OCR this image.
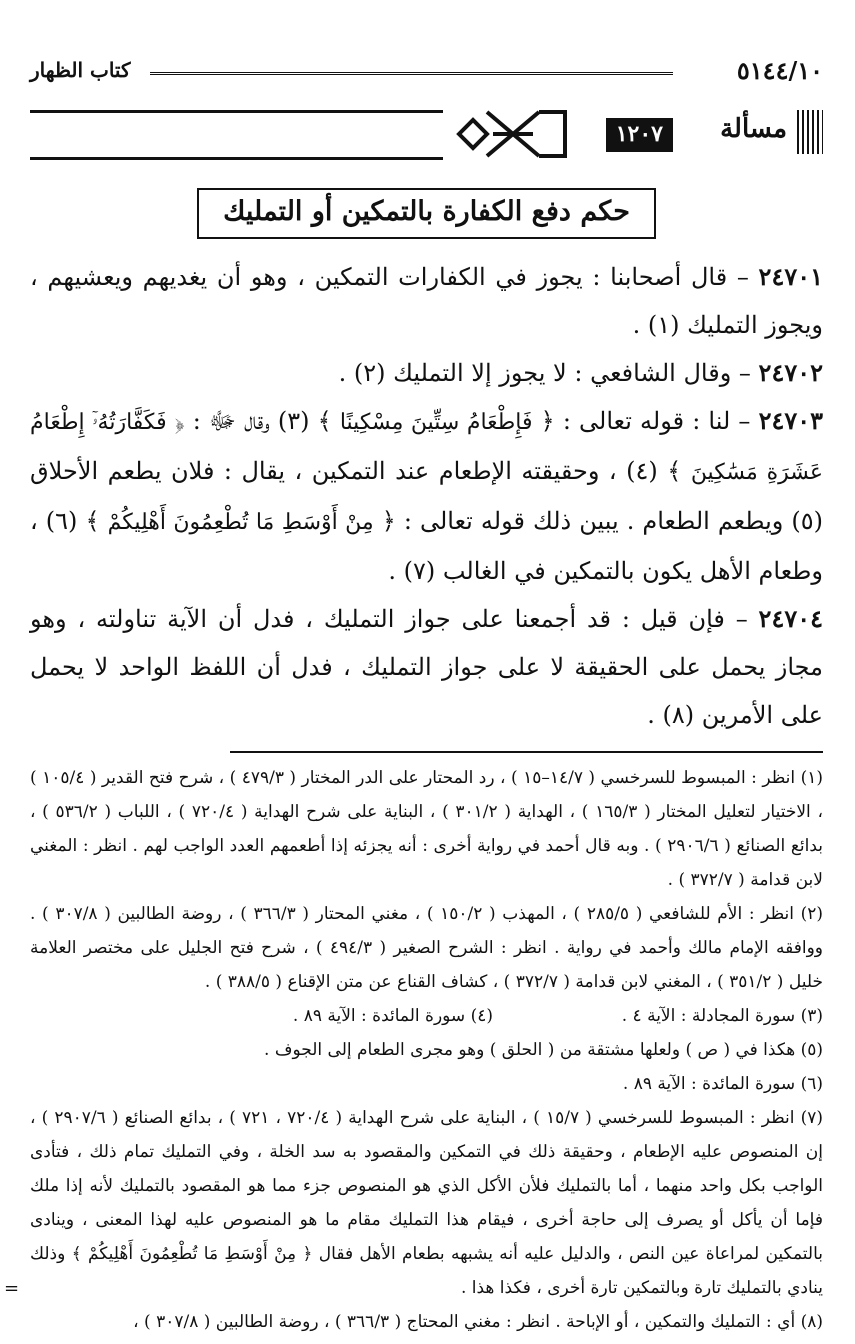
٥١٤٤/١٠
كتاب الظهار
مسألة
١٢٠٧
حكم دفع الكفارة بالتمكين أو التمليك

٢٤٧٠١ – قال أصحابنا : يجوز في الكفارات التمكين ، وهو أن يغديهم ويعشيهم ، ويجوز التمليك (١) .

٢٤٧٠٢ – وقال الشافعي : لا يجوز إلا التمليك (٢) .

٢٤٧٠٣ – لنا : قوله تعالى : ﴿ فَإِطْعَامُ سِتِّينَ مِسْكِينًا ﴾ (٣) وقال ﷻ : ﴿ فَكَفَّارَتُهُۥٓ إِطْعَامُ عَشَرَةِ مَسَٰكِينَ ﴾ (٤) ، وحقيقته الإطعام عند التمكين ، يقال : فلان يطعم الأحلاق (٥) ويطعم الطعام . يبين ذلك قوله تعالى : ﴿ مِنْ أَوْسَطِ مَا تُطْعِمُونَ أَهْلِيكُمْ ﴾ (٦) ، وطعام الأهل يكون بالتمكين في الغالب (٧) .

٢٤٧٠٤ – فإن قيل : قد أجمعنا على جواز التمليك ، فدل أن الآية تناولته ، وهو مجاز يحمل على الحقيقة لا على جواز التمليك ، فدل أن اللفظ الواحد لا يحمل على الأمرين (٨) .

(١) انظر : المبسوط للسرخسي ( ١٤/٧–١٥ ) ، رد المحتار على الدر المختار ( ٤٧٩/٣ ) ، شرح فتح القدير ( ١٠٥/٤ ) ، الاختيار لتعليل المختار ( ١٦٥/٣ ) ، الهداية ( ٣٠١/٢ ) ، البناية على شرح الهداية ( ٧٢٠/٤ ) ، اللباب ( ٥٣٦/٢ ) ، بدائع الصنائع ( ٢٩٠٦/٦ ) . وبه قال أحمد في رواية أخرى : أنه يجزئه إذا أطعمهم العدد الواجب لهم . انظر : المغني لابن قدامة ( ٣٧٢/٧ ) .

(٢) انظر : الأم للشافعي ( ٢٨٥/٥ ) ، المهذب ( ١٥٠/٢ ) ، مغني المحتار ( ٣٦٦/٣ ) ، روضة الطالبين ( ٣٠٧/٨ ) . ووافقه الإمام مالك وأحمد في رواية . انظر : الشرح الصغير ( ٤٩٤/٣ ) ، شرح فتح الجليل على مختصر العلامة خليل ( ٣٥١/٢ ) ، المغني لابن قدامة ( ٣٧٢/٧ ) ، كشاف القناع عن متن الإقناع ( ٣٨٨/٥ ) .

(٣) سورة المجادلة : الآية ٤ .
(٤) سورة المائدة : الآية ٨٩ .

(٥) هكذا في ( ص ) ولعلها مشتقة من ( الحلق ) وهو مجرى الطعام إلى الجوف .

(٦) سورة المائدة : الآية ٨٩ .

(٧) انظر : المبسوط للسرخسي ( ١٥/٧ ) ، البناية على شرح الهداية ( ٧٢٠/٤ ، ٧٢١ ) ، بدائع الصنائع ( ٢٩٠٧/٦ ) ، إن المنصوص عليه الإطعام ، وحقيقة ذلك في التمكين والمقصود به سد الخلة ، وفي التمليك تمام ذلك ، فتأدى الواجب بكل واحد منهما ، أما بالتمليك فلأن الأكل الذي هو المنصوص جزء مما هو المقصود بالتمليك لأنه إذا ملك فإما أن يأكل أو يصرف إلى حاجة أخرى ، فيقام هذا التمليك مقام ما هو المنصوص عليه لهذا المعنى ، وينادى بالتمكين لمراعاة عين النص ، والدليل عليه أنه يشبهه بطعام الأهل فقال ﴿ مِنْ أَوْسَطِ مَا تُطْعِمُونَ أَهْلِيكُمْ ﴾ وذلك ينادي بالتمليك تارة وبالتمكين تارة أخرى ، فكذا هذا .

(٨) أي : التمليك والتمكين ، أو الإباحة . انظر : مغني المحتاج ( ٣٦٦/٣ ) ، روضة الطالبين ( ٣٠٧/٨ ) ،

=
